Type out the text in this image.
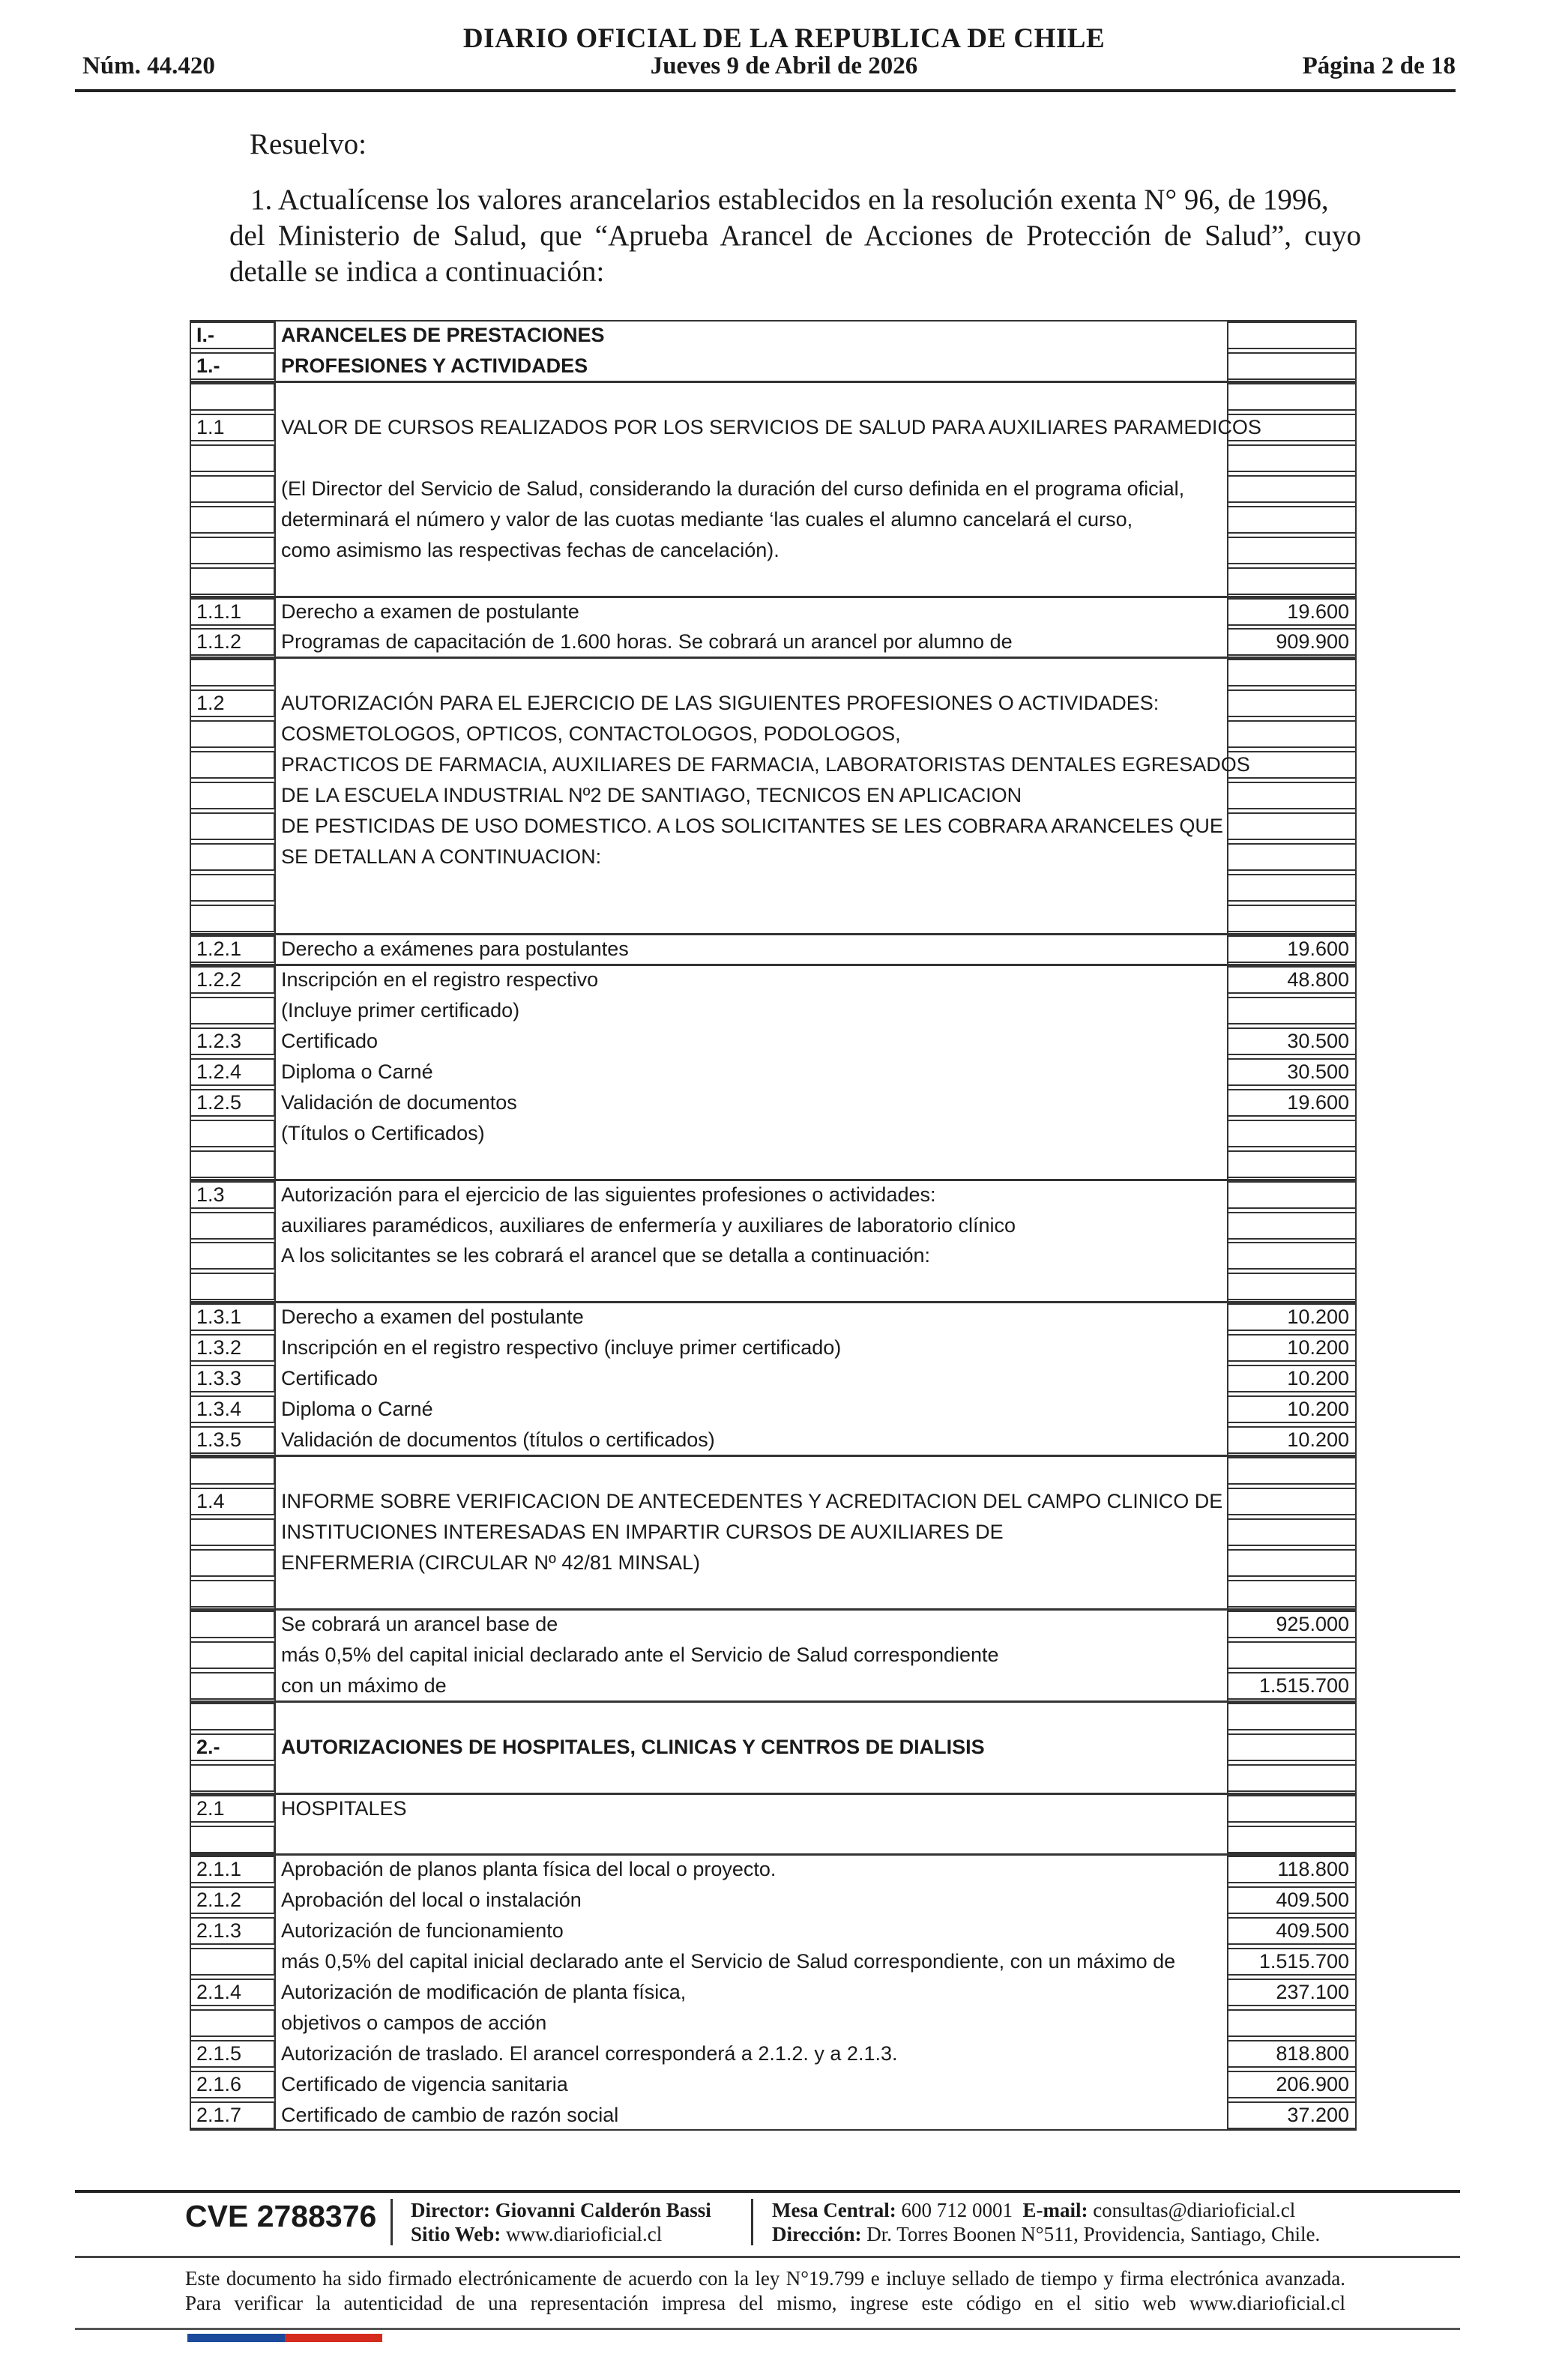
Núm. 44.420
DIARIO OFICIAL DE LA REPUBLICA DE CHILE
Jueves 9 de Abril de 2026	Página 2 de 18
Resuelvo:
1. Actualícense los valores arancelarios establecidos en la resolución exenta N° 96, de 1996,
del Ministerio de Salud, que “Aprueba Arancel de Acciones de Protección de Salud”, cuyo detalle se indica a continuación:
I.-	ARANCELES DE PRESTACIONES
1.-	PROFESIONES Y ACTIVIDADES
1.1	VALOR DE CURSOS REALIZADOS POR LOS SERVICIOS DE SALUD PARA AUXILIARES PARAMEDICOS
(El Director del Servicio de Salud, considerando la duración del curso definida en el programa oficial,
determinará el número y valor de las cuotas mediante ‘las cuales el alumno cancelará el curso,
como asimismo las respectivas fechas de cancelación).
1.1.1 Derecho a examen de postulante	19.600
1.1.2 Programas de capacitación de 1.600 horas. Se cobrará un arancel por alumno de	909.900
1.2	AUTORIZACIÓN PARA EL EJERCICIO DE LAS SIGUIENTES PROFESIONES O ACTIVIDADES:
COSMETOLOGOS, OPTICOS, CONTACTOLOGOS, PODOLOGOS,
PRACTICOS DE FARMACIA, AUXILIARES DE FARMACIA, LABORATORISTAS DENTALES EGRESADOS
DE LA ESCUELA INDUSTRIAL Nº2 DE SANTIAGO, TECNICOS EN APLICACION
DE PESTICIDAS DE USO DOMESTICO. A LOS SOLICITANTES SE LES COBRARA ARANCELES QUE
SE DETALLAN A CONTINUACION:
1.2.1 Derecho a exámenes para postulantes	19.600
1.2.2 Inscripción en el registro respectivo	48.800
(Incluye primer certificado)
1.2.3 Certificado	30.500
1.2.4 Diploma o Carné	30.500
1.2.5 Validación de documentos	19.600
(Títulos o Certificados)
1.3	Autorización para el ejercicio de las siguientes profesiones o actividades:
auxiliares paramédicos, auxiliares de enfermería y auxiliares de laboratorio clínico
A los solicitantes se les cobrará el arancel que se detalla a continuación:
1.3.1 Derecho a examen del postulante	10.200
1.3.2 Inscripción en el registro respectivo (incluye primer certificado)	10.200
1.3.3 Certificado	10.200
1.3.4 Diploma o Carné	10.200
1.3.5 Validación de documentos (títulos o certificados)	10.200
1.4	INFORME SOBRE VERIFICACION DE ANTECEDENTES Y ACREDITACION DEL CAMPO CLINICO DE
INSTITUCIONES INTERESADAS EN IMPARTIR CURSOS DE AUXILIARES DE
ENFERMERIA (CIRCULAR Nº 42/81 MINSAL)
Se cobrará un arancel base de	925.000
más 0,5% del capital inicial declarado ante el Servicio de Salud correspondiente
con un máximo de	1.515.700
2.-	AUTORIZACIONES DE HOSPITALES, CLINICAS Y CENTROS DE DIALISIS
2.1	HOSPITALES
2.1.1 Aprobación de planos planta física del local o proyecto.	118.800
2.1.2 Aprobación del local o instalación	409.500
2.1.3 Autorización de funcionamiento	409.500
más 0,5% del capital inicial declarado ante el Servicio de Salud correspondiente, con un máximo de	1.515.700
2.1.4 Autorización de modificación de planta física,	237.100
objetivos o campos de acción
2.1.5 Autorización de traslado. El arancel corresponderá a 2.1.2. y a 2.1.3.	818.800
2.1.6 Certificado de vigencia sanitaria	206.900
2.1.7 Certificado de cambio de razón social	37.200
CVE 2788376 Director: Giovanni Calderón Bassi
Sitio Web: www.diarioficial.cl
Mesa Central: 600 712 0001 E-mail: consultas@diarioficial.cl
Dirección: Dr. Torres Boonen N°511, Providencia, Santiago, Chile.
Este documento ha sido firmado electrónicamente de acuerdo con la ley N°19.799 e incluye sellado de tiempo y firma electrónica avanzada. Para verificar la autenticidad de una representación impresa del mismo, ingrese este código en el sitio web www.diarioficial.cl
